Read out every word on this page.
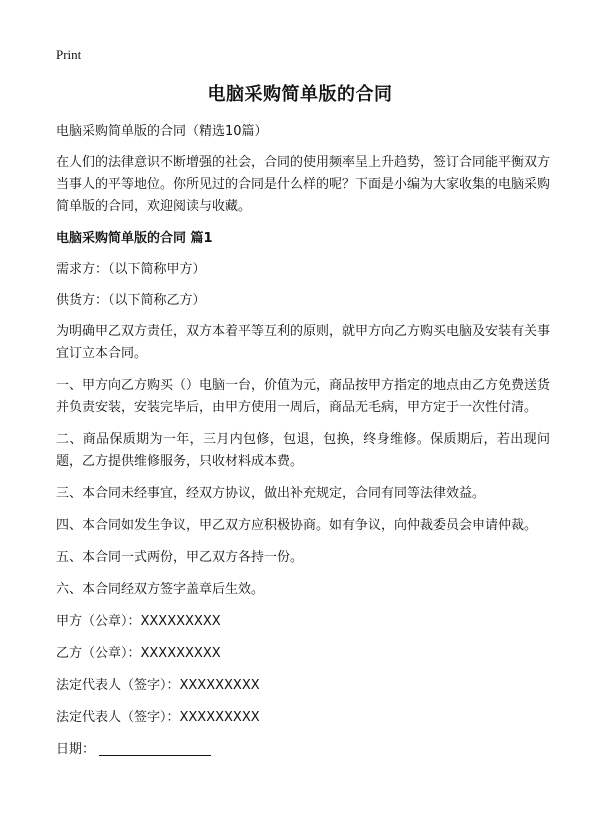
Print
电脑采购简单版的合同

电脑采购简单版的合同（精选10篇）

在人们的法律意识不断增强的社会，合同的使用频率呈上升趋势，签订合同能平衡双方当事人的平等地位。你所见过的合同是什么样的呢？下面是小编为大家收集的电脑采购简单版的合同，欢迎阅读与收藏。

电脑采购简单版的合同 篇1

需求方：（以下简称甲方）

供货方：（以下简称乙方）

为明确甲乙双方责任，双方本着平等互利的原则，就甲方向乙方购买电脑及安装有关事宜订立本合同。

一、甲方向乙方购买（）电脑一台，价值为元，商品按甲方指定的地点由乙方免费送货并负责安装，安装完毕后，由甲方使用一周后，商品无毛病，甲方定于一次性付清。

二、商品保质期为一年，三月内包修，包退，包换，终身维修。保质期后，若出现问题，乙方提供维修服务，只收材料成本费。

三、本合同未经事宜，经双方协议，做出补充规定，合同有同等法律效益。

四、本合同如发生争议，甲乙双方应积极协商。如有争议，向仲裁委员会申请仲裁。

五、本合同一式两份，甲乙双方各持一份。

六、本合同经双方签字盖章后生效。

甲方（公章）：XXXXXXXXX

乙方（公章）：XXXXXXXXX

法定代表人（签字）：XXXXXXXXX

法定代表人（签字）：XXXXXXXXX

日期：
